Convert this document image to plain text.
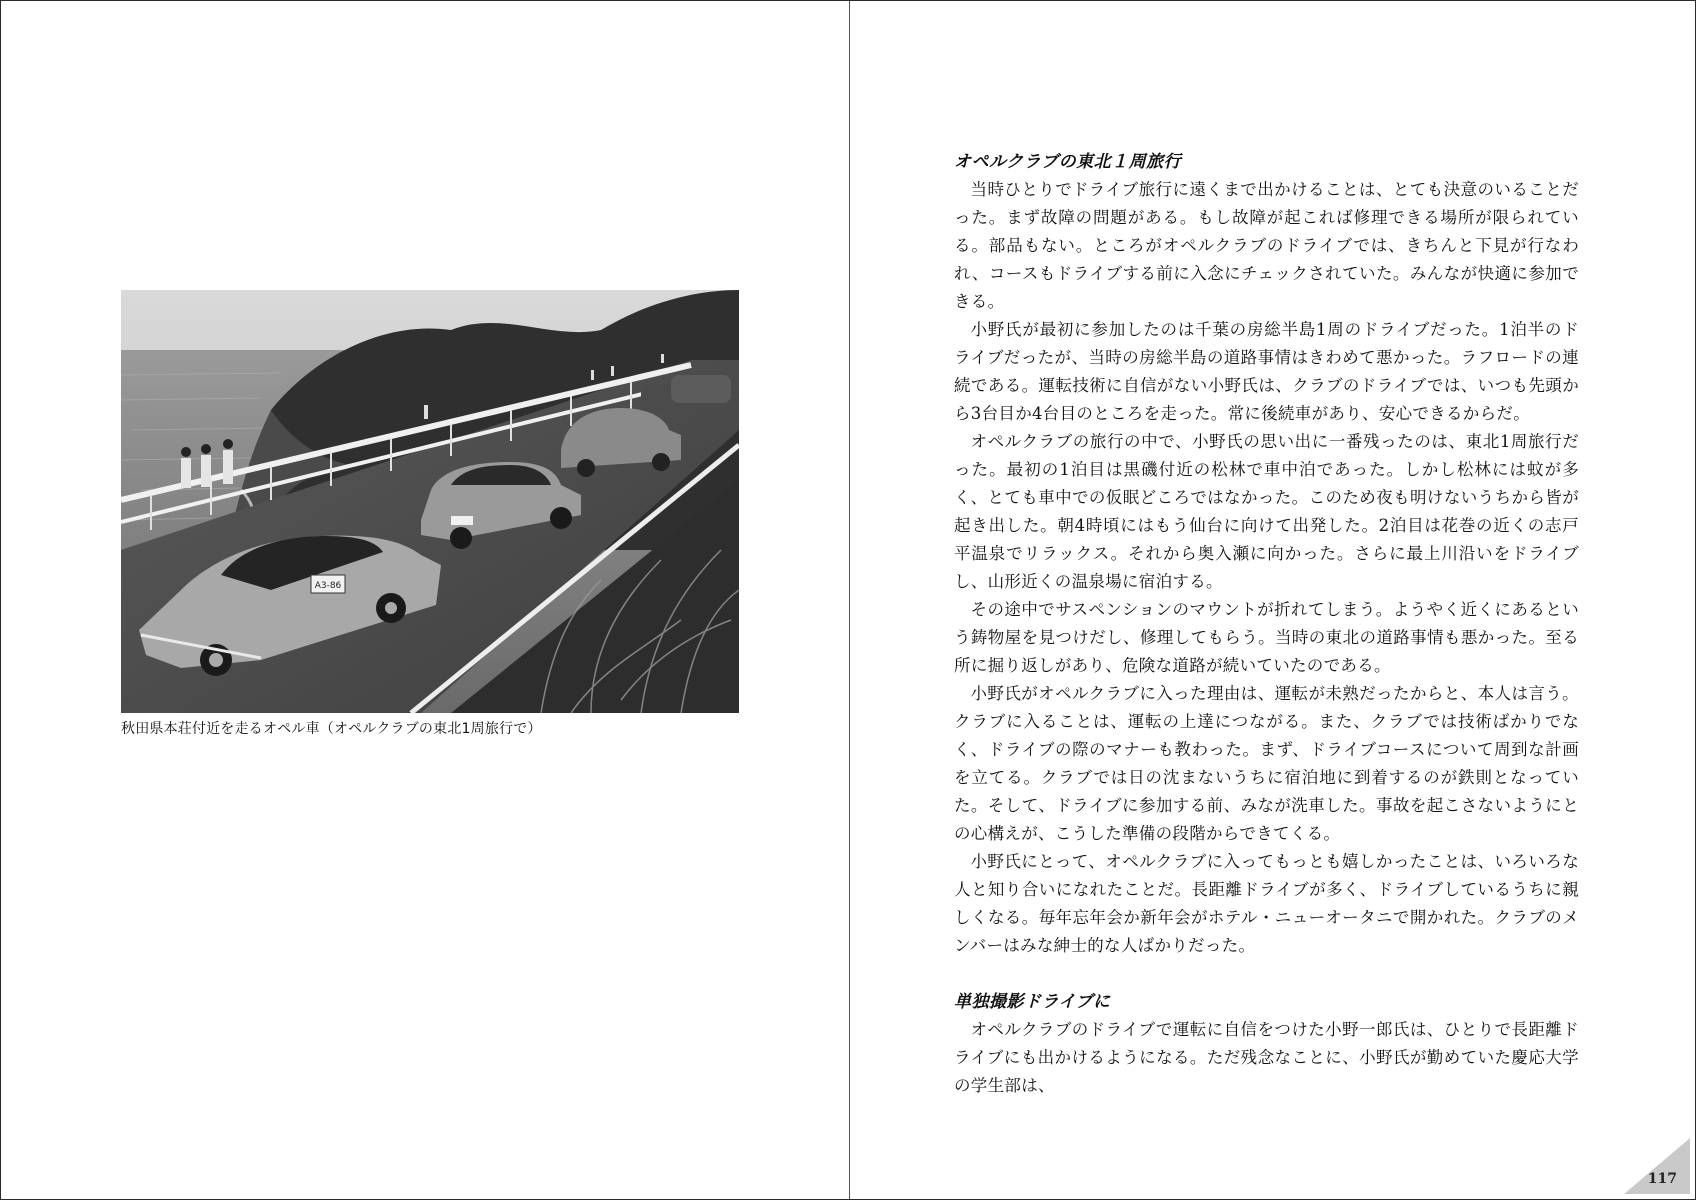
A3-86
秋田県本荘付近を走るオペル車（オペルクラブの東北1周旅行で）
オペルクラブの東北１周旅行

当時ひとりでドライブ旅行に遠くまで出かけることは、とても決意のいることだった。まず故障の問題がある。もし故障が起これば修理できる場所が限られている。部品もない。ところがオペルクラブのドライブでは、きちんと下見が行なわれ、コースもドライブする前に入念にチェックされていた。みんなが快適に参加できる。

小野氏が最初に参加したのは千葉の房総半島1周のドライブだった。1泊半のドライブだったが、当時の房総半島の道路事情はきわめて悪かった。ラフロードの連続である。運転技術に自信がない小野氏は、クラブのドライブでは、いつも先頭から3台目か4台目のところを走った。常に後続車があり、安心できるからだ。

オペルクラブの旅行の中で、小野氏の思い出に一番残ったのは、東北1周旅行だった。最初の1泊目は黒磯付近の松林で車中泊であった。しかし松林には蚊が多く、とても車中での仮眠どころではなかった。このため夜も明けないうちから皆が起き出した。朝4時頃にはもう仙台に向けて出発した。2泊目は花巻の近くの志戸平温泉でリラックス。それから奥入瀬に向かった。さらに最上川沿いをドライブし、山形近くの温泉場に宿泊する。

その途中でサスペンションのマウントが折れてしまう。ようやく近くにあるという鋳物屋を見つけだし、修理してもらう。当時の東北の道路事情も悪かった。至る所に掘り返しがあり、危険な道路が続いていたのである。

小野氏がオペルクラブに入った理由は、運転が未熟だったからと、本人は言う。クラブに入ることは、運転の上達につながる。また、クラブでは技術ばかりでなく、ドライブの際のマナーも教わった。まず、ドライブコースについて周到な計画を立てる。クラブでは日の沈まないうちに宿泊地に到着するのが鉄則となっていた。そして、ドライブに参加する前、みなが洗車した。事故を起こさないようにとの心構えが、こうした準備の段階からできてくる。

小野氏にとって、オペルクラブに入ってもっとも嬉しかったことは、いろいろな人と知り合いになれたことだ。長距離ドライブが多く、ドライブしているうちに親しくなる。毎年忘年会か新年会がホテル・ニューオータニで開かれた。クラブのメンバーはみな紳士的な人ばかりだった。

単独撮影ドライブに

オペルクラブのドライブで運転に自信をつけた小野一郎氏は、ひとりで長距離ドライブにも出かけるようになる。ただ残念なことに、小野氏が勤めていた慶応大学の学生部は、

117
